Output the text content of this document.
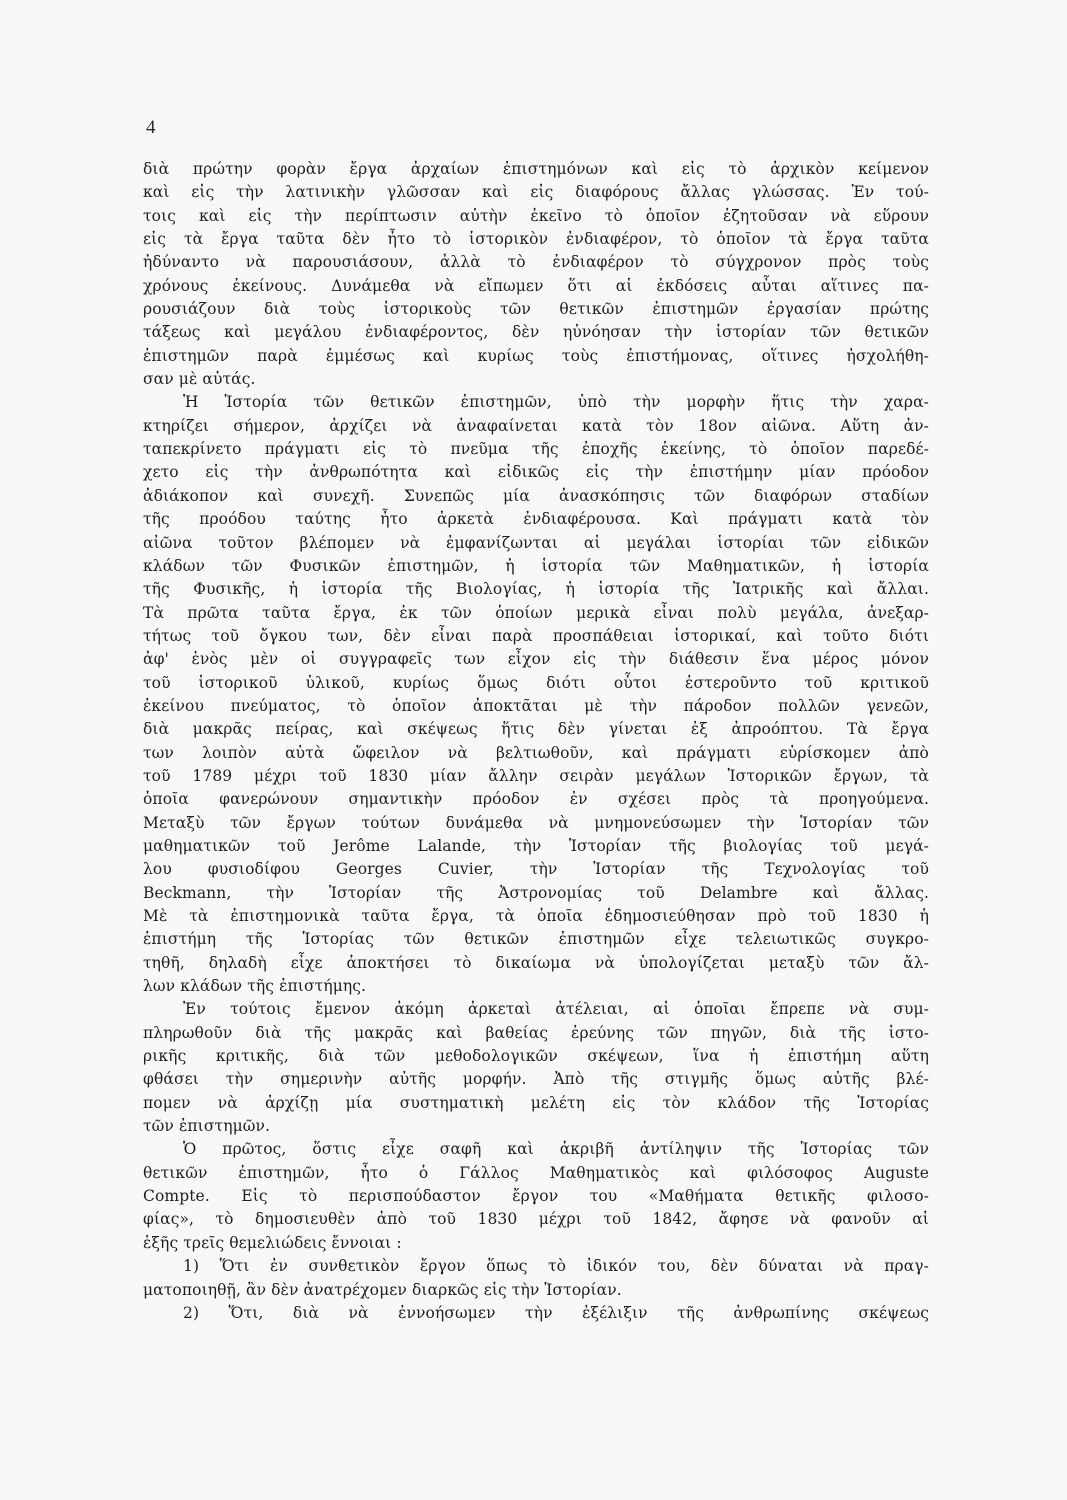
4
διὰ πρώτην φορὰν ἔργα ἀρχαίων ἐπιστημόνων καὶ εἰς τὸ ἀρχικὸν κείμενον
καὶ εἰς τὴν λατινικὴν γλῶσσαν καὶ εἰς διαφόρους ἄλλας γλώσσας. Ἐν τού-
τοις καὶ εἰς τὴν περίπτωσιν αὐτὴν ἐκεῖνο τὸ ὁποῖον ἐζητοῦσαν νὰ εὕρουν
εἰς τὰ ἔργα ταῦτα δὲν ἦτο τὸ ἱστορικὸν ἐνδιαφέρον, τὸ ὁποῖον τὰ ἔργα ταῦτα
ἠδύναντο νὰ παρουσιάσουν, ἀλλὰ τὸ ἐνδιαφέρον τὸ σύγχρονον πρὸς τοὺς
χρόνους ἐκείνους. Δυνάμεθα νὰ εἴπωμεν ὅτι αἱ ἐκδόσεις αὗται αἵτινες πα-
ρουσιάζουν διὰ τοὺς ἱστορικοὺς τῶν θετικῶν ἐπιστημῶν ἐργασίαν πρώτης
τάξεως καὶ μεγάλου ἐνδιαφέροντος, δὲν ηὐνόησαν τὴν ἱστορίαν τῶν θετικῶν
ἐπιστημῶν παρὰ ἐμμέσως καὶ κυρίως τοὺς ἐπιστήμονας, οἵτινες ἠσχολήθη-
σαν μὲ αὐτάς.
Ἡ Ἱστορία τῶν θετικῶν ἐπιστημῶν, ὑπὸ τὴν μορφὴν ἥτις τὴν χαρα-
κτηρίζει σήμερον, ἀρχίζει νὰ ἀναφαίνεται κατὰ τὸν 18ον αἰῶνα. Αὕτη ἀν-
ταπεκρίνετο πράγματι εἰς τὸ πνεῦμα τῆς ἐποχῆς ἐκείνης, τὸ ὁποῖον παρεδέ-
χετο εἰς τὴν ἀνθρωπότητα καὶ εἰδικῶς εἰς τὴν ἐπιστήμην μίαν πρόοδον
ἀδιάκοπον καὶ συνεχῆ. Συνεπῶς μία ἀνασκόπησις τῶν διαφόρων σταδίων
τῆς προόδου ταύτης ἦτο ἀρκετὰ ἐνδιαφέρουσα. Καὶ πράγματι κατὰ τὸν
αἰῶνα τοῦτον βλέπομεν νὰ ἐμφανίζωνται αἱ μεγάλαι ἱστορίαι τῶν εἰδικῶν
κλάδων τῶν Φυσικῶν ἐπιστημῶν, ἡ ἱστορία τῶν Μαθηματικῶν, ἡ ἱστορία
τῆς Φυσικῆς, ἡ ἱστορία τῆς Βιολογίας, ἡ ἱστορία τῆς Ἰατρικῆς καὶ ἄλλαι.
Τὰ πρῶτα ταῦτα ἔργα, ἐκ τῶν ὁποίων μερικὰ εἶναι πολὺ μεγάλα, ἀνεξαρ-
τήτως τοῦ ὄγκου των, δὲν εἶναι παρὰ προσπάθειαι ἱστορικαί, καὶ τοῦτο διότι
ἀφ' ἑνὸς μὲν οἱ συγγραφεῖς των εἶχον εἰς τὴν διάθεσιν ἕνα μέρος μόνον
τοῦ ἱστορικοῦ ὑλικοῦ, κυρίως ὅμως διότι οὗτοι ἐστεροῦντο τοῦ κριτικοῦ
ἐκείνου πνεύματος, τὸ ὁποῖον ἀποκτᾶται μὲ τὴν πάροδον πολλῶν γενεῶν,
διὰ μακρᾶς πείρας, καὶ σκέψεως ἥτις δὲν γίνεται ἐξ ἀπροόπτου. Τὰ ἔργα
των λοιπὸν αὐτὰ ὤφειλον νὰ βελτιωθοῦν, καὶ πράγματι εὑρίσκομεν ἀπὸ
τοῦ 1789 μέχρι τοῦ 1830 μίαν ἄλλην σειρὰν μεγάλων Ἱστορικῶν ἔργων, τὰ
ὁποῖα φανερώνουν σημαντικὴν πρόοδον ἐν σχέσει πρὸς τὰ προηγούμενα.
Μεταξὺ τῶν ἔργων τούτων δυνάμεθα νὰ μνημονεύσωμεν τὴν Ἱστορίαν τῶν
μαθηματικῶν τοῦ Jerôme Lalande, τὴν Ἱστορίαν τῆς βιολογίας τοῦ μεγά-
λου φυσιοδίφου Georges Cuvier, τὴν Ἱστορίαν τῆς Τεχνολογίας τοῦ
Beckmann, τὴν Ἱστορίαν τῆς Ἀστρονομίας τοῦ Delambre καὶ ἄλλας.
Μὲ τὰ ἐπιστημονικὰ ταῦτα ἔργα, τὰ ὁποῖα ἐδημοσιεύθησαν πρὸ τοῦ 1830 ἡ
ἐπιστήμη τῆς Ἱστορίας τῶν θετικῶν ἐπιστημῶν εἶχε τελειωτικῶς συγκρο-
τηθῆ, δηλαδὴ εἶχε ἀποκτήσει τὸ δικαίωμα νὰ ὑπολογίζεται μεταξὺ τῶν ἄλ-
λων κλάδων τῆς ἐπιστήμης.
Ἐν τούτοις ἔμενον ἀκόμη ἀρκεταὶ ἀτέλειαι, αἱ ὁποῖαι ἔπρεπε νὰ συμ-
πληρωθοῦν διὰ τῆς μακρᾶς καὶ βαθείας ἐρεύνης τῶν πηγῶν, διὰ τῆς ἱστο-
ρικῆς κριτικῆς, διὰ τῶν μεθοδολογικῶν σκέψεων, ἵνα ἡ ἐπιστήμη αὕτη
φθάσει τὴν σημερινὴν αὐτῆς μορφήν. Ἀπὸ τῆς στιγμῆς ὅμως αὐτῆς βλέ-
πομεν νὰ ἀρχίζῃ μία συστηματικὴ μελέτη εἰς τὸν κλάδον τῆς Ἱστορίας
τῶν ἐπιστημῶν.
Ὁ πρῶτος, ὅστις εἶχε σαφῆ καὶ ἀκριβῆ ἀντίληψιν τῆς Ἱστορίας τῶν
θετικῶν ἐπιστημῶν, ἦτο ὁ Γάλλος Μαθηματικὸς καὶ φιλόσοφος Auguste
Compte. Εἰς τὸ περισπούδαστον ἔργον του «Μαθήματα θετικῆς φιλοσο-
φίας», τὸ δημοσιευθὲν ἀπὸ τοῦ 1830 μέχρι τοῦ 1842, ἄφησε νὰ φανοῦν αἱ
ἑξῆς τρεῖς θεμελιώδεις ἔννοιαι :
1) Ὅτι ἐν συνθετικὸν ἔργον ὅπως τὸ ἰδικόν του, δὲν δύναται νὰ πραγ-
ματοποιηθῇ, ἂν δὲν ἀνατρέχομεν διαρκῶς εἰς τὴν Ἱστορίαν.
2) Ὅτι, διὰ νὰ ἐννοήσωμεν τὴν ἐξέλιξιν τῆς ἀνθρωπίνης σκέψεως
